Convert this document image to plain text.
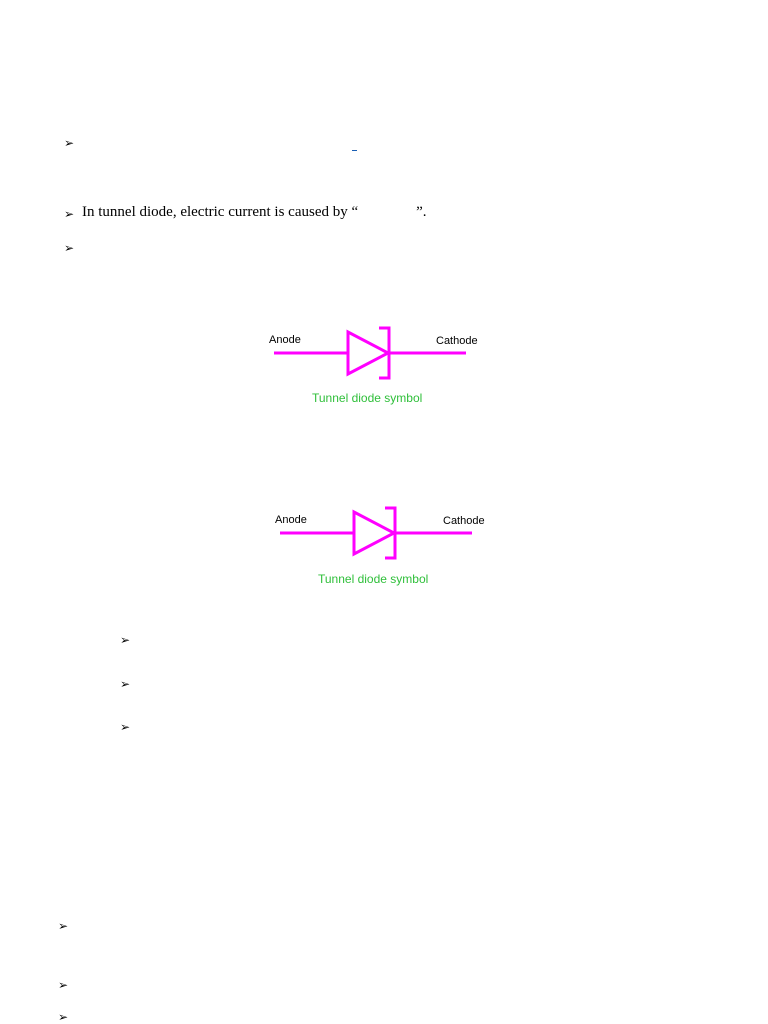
➢
➢ In tunnel diode, electric current is caused by “	”.
➢
Anode	Cathode
Tunnel diode symbol
Anode	Cathode
Tunnel diode symbol
➢
➢
➢
➢
➢
➢
